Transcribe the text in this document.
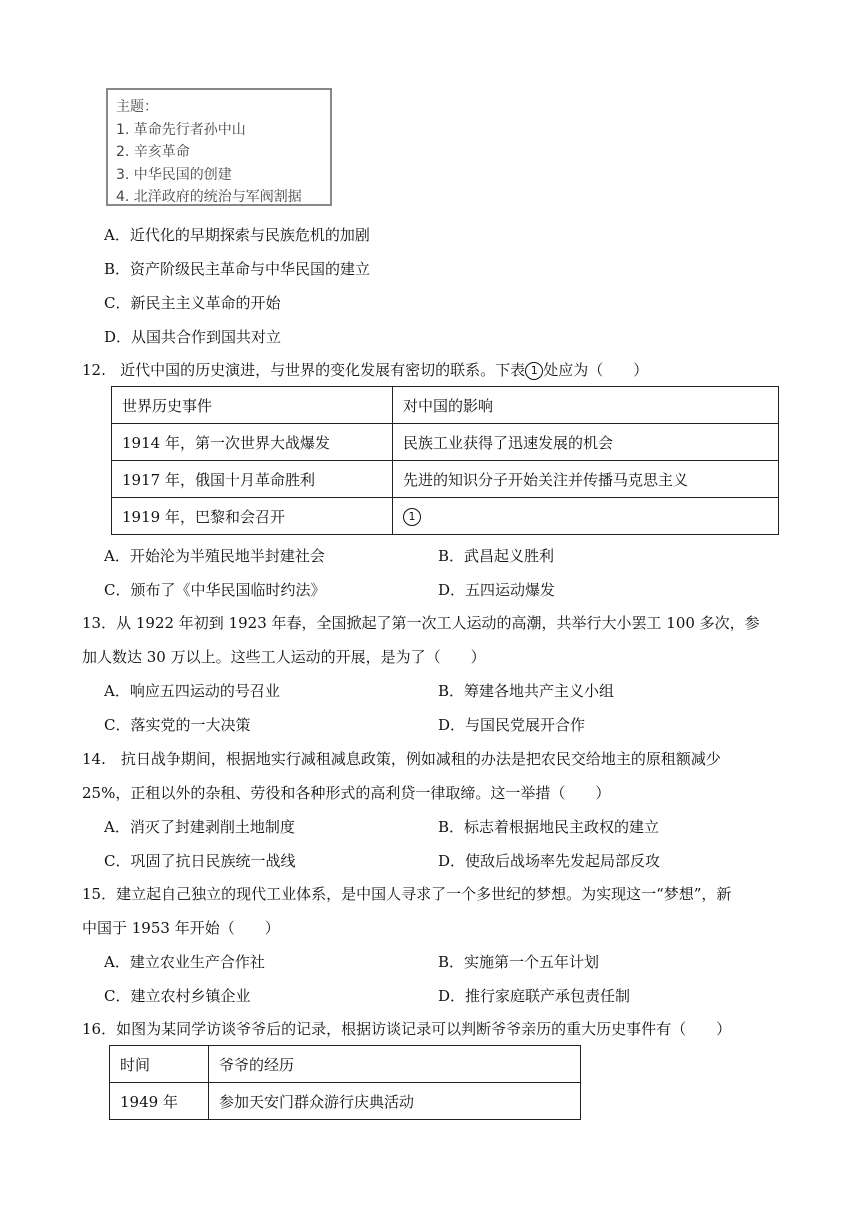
主题：
1. 革命先行者孙中山
2. 辛亥革命
3. 中华民国的创建
4. 北洋政府的统治与军阀割据
A．近代化的早期探索与民族危机的加剧
B．资产阶级民主革命与中华民国的建立
C．新民主主义革命的开始
D．从国共合作到国共对立
12. 近代中国的历史演进，与世界的变化发展有密切的联系。下表 1 处应为（　　）
世界历史事件	对中国的影响
1914 年，第一次世界大战爆发	民族工业获得了迅速发展的机会
1917 年，俄国十月革命胜利	先进的知识分子开始关注并传播马克思主义
1919 年，巴黎和会召开	1
A．开始沦为半殖民地半封建社会	B．武昌起义胜利
C．颁布了《中华民国临时约法》	D．五四运动爆发
13．从 1922 年初到 1923 年春，全国掀起了第一次工人运动的高潮，共举行大小罢工 100 多次，参
加人数达 30 万以上。这些工人运动的开展，是为了（　　）
A．响应五四运动的号召业	B．筹建各地共产主义小组
C．落实党的一大决策	D．与国民党展开合作
14.　抗日战争期间，根据地实行减租减息政策，例如减租的办法是把农民交给地主的原租额减少
25%，正租以外的杂租、劳役和各种形式的高利贷一律取缔。这一举措（　　）
A．消灭了封建剥削土地制度	B．标志着根据地民主政权的建立
C．巩固了抗日民族统一战线	D．使敌后战场率先发起局部反攻
15．建立起自己独立的现代工业体系，是中国人寻求了一个多世纪的梦想。为实现这一“梦想”，新
中国于 1953 年开始（　　）
A．建立农业生产合作社	B．实施第一个五年计划
C．建立农村乡镇企业	D．推行家庭联产承包责任制
16．如图为某同学访谈爷爷后的记录，根据访谈记录可以判断爷爷亲历的重大历史事件有（　　）
时间	爷爷的经历
1949 年	参加天安门群众游行庆典活动
